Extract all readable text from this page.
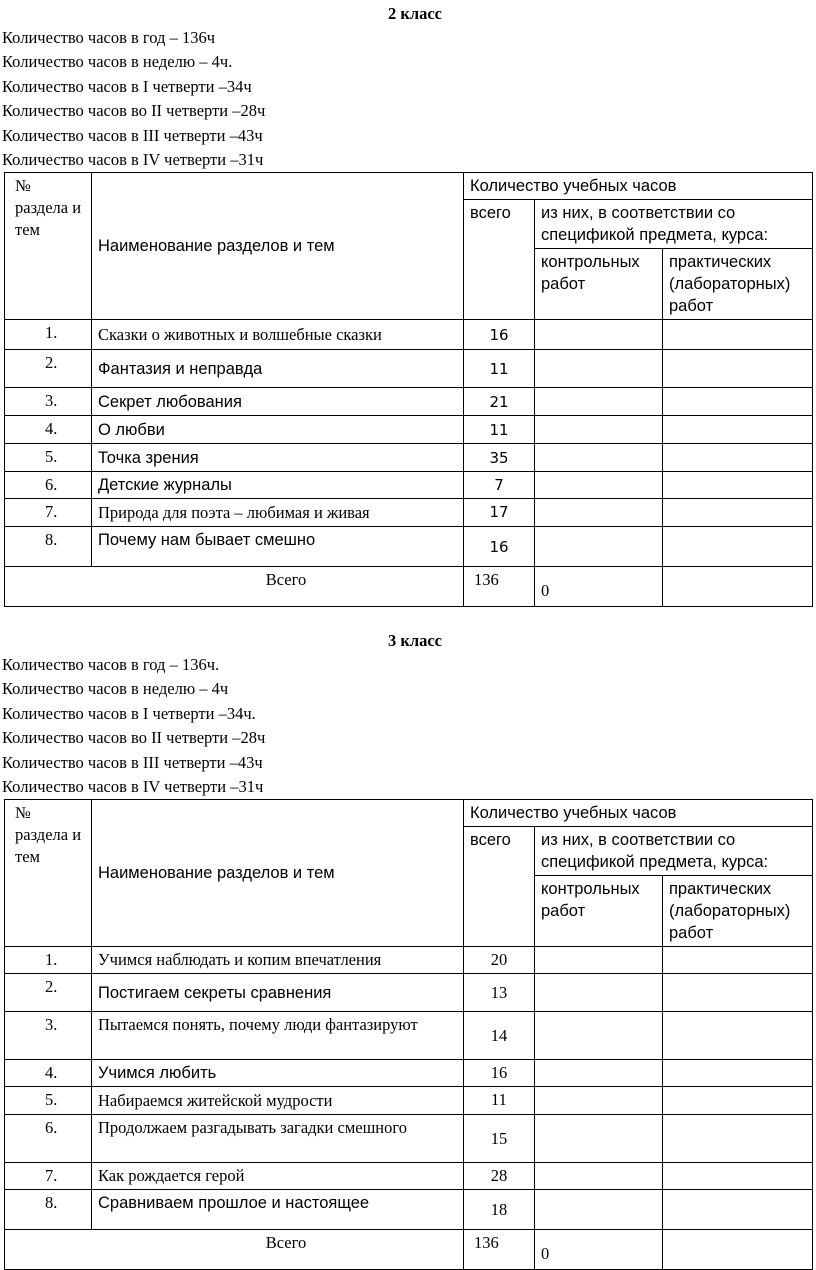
2 класс
Количество часов в год – 136ч
Количество часов в неделю – 4ч.
Количество часов в I четверти –34ч
Количество часов во II четверти –28ч
Количество часов в III четверти –43ч
Количество часов в IV четверти –31ч
№ раздела и тем	Наименование разделов и тем	Количество учебных часов		
		всего	из них, в соответствии со спецификой предмета, курса:	
			контрольных работ	практических (лабораторных) работ
1.	Сказки о животных и волшебные сказки	16		
2.	Фантазия и неправда	11		
3.	Секрет любования	21		
4.	О любви	11		
5.	Точка зрения	35		
6.	Детские журналы	7		
7.	Природа для поэта – любимая и живая	17		
8.	Почему нам бывает смешно	16		
Всего		136	0	
3 класс
Количество часов в год – 136ч.
Количество часов в неделю – 4ч
Количество часов в I четверти –34ч.
Количество часов во II четверти –28ч
Количество часов в III четверти –43ч
Количество часов в IV четверти –31ч
№ раздела и тем	Наименование разделов и тем	Количество учебных часов		
		всего	из них, в соответствии со спецификой предмета, курса:	
			контрольных работ	практических (лабораторных) работ
1.	Учимся наблюдать и копим впечатления	20		
2.	Постигаем секреты сравнения	13		
3.	Пытаемся понять, почему люди фантазируют	14		
4.	Учимся любить	16		
5.	Набираемся житейской мудрости	11		
6.	Продолжаем разгадывать загадки смешного	15		
7.	Как рождается герой	28		
8.	Сравниваем прошлое и настоящее	18		
Всего		136	0	
